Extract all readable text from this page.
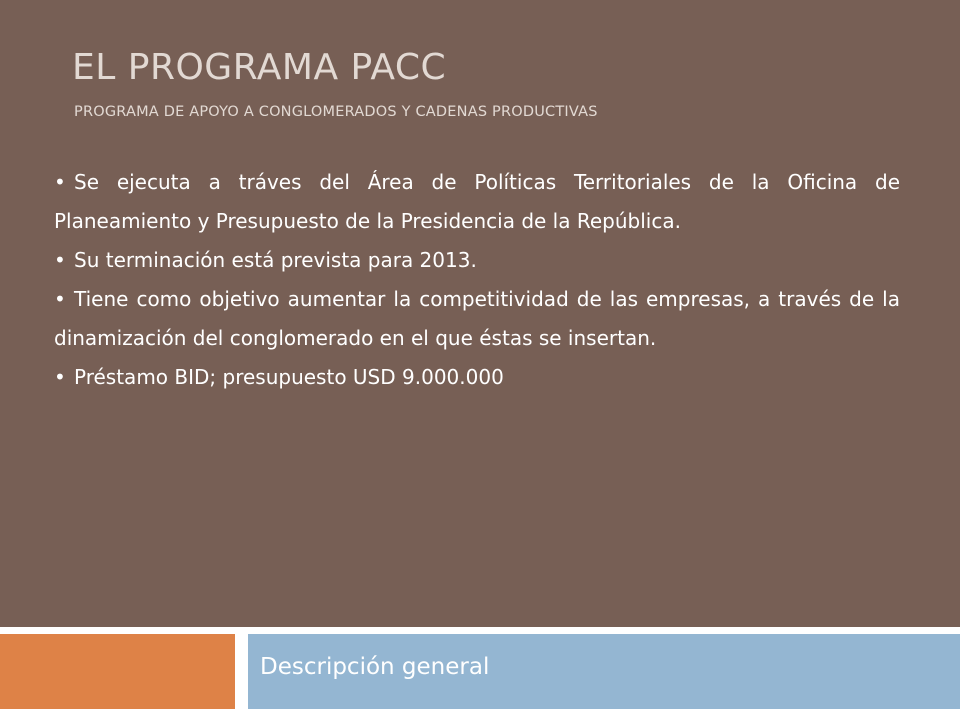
EL PROGRAMA PACC
PROGRAMA DE APOYO A CONGLOMERADOS Y CADENAS PRODUCTIVAS
• Se ejecuta a tráves del Área de Políticas Territoriales de la Oficina de Planeamiento y Presupuesto de la Presidencia de la República.
• Su terminación está prevista para 2013.
• Tiene como objetivo aumentar la competitividad de las empresas, a través de la dinamización del conglomerado en el que éstas se insertan.
• Préstamo BID; presupuesto USD 9.000.000
Descripción general
